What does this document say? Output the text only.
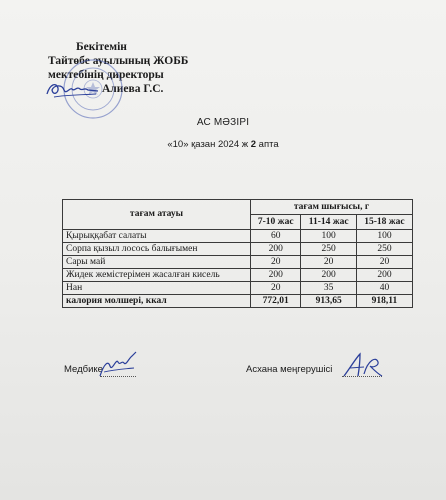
Бекітемін
Тайтөбе ауылының ЖОББ
мектебінің директоры
Алиева Г.С.
АС МӘЗІРІ
«10» қазан 2024 ж 2 апта
тағам атауы	тағам шығысы, г		
	7-10 жас	11-14 жас	15-18 жас
Қырыққабат салаты	60	100	100
Сорпа қызыл лосось балығымен	200	250	250
Сары май	20	20	20
Жидек жемістерімен жасалған кисель	200	200	200
Нан	20	35	40
калория молшері, ккал	772,01	913,65	918,11
Медбике	Асхана меңгерушісі
